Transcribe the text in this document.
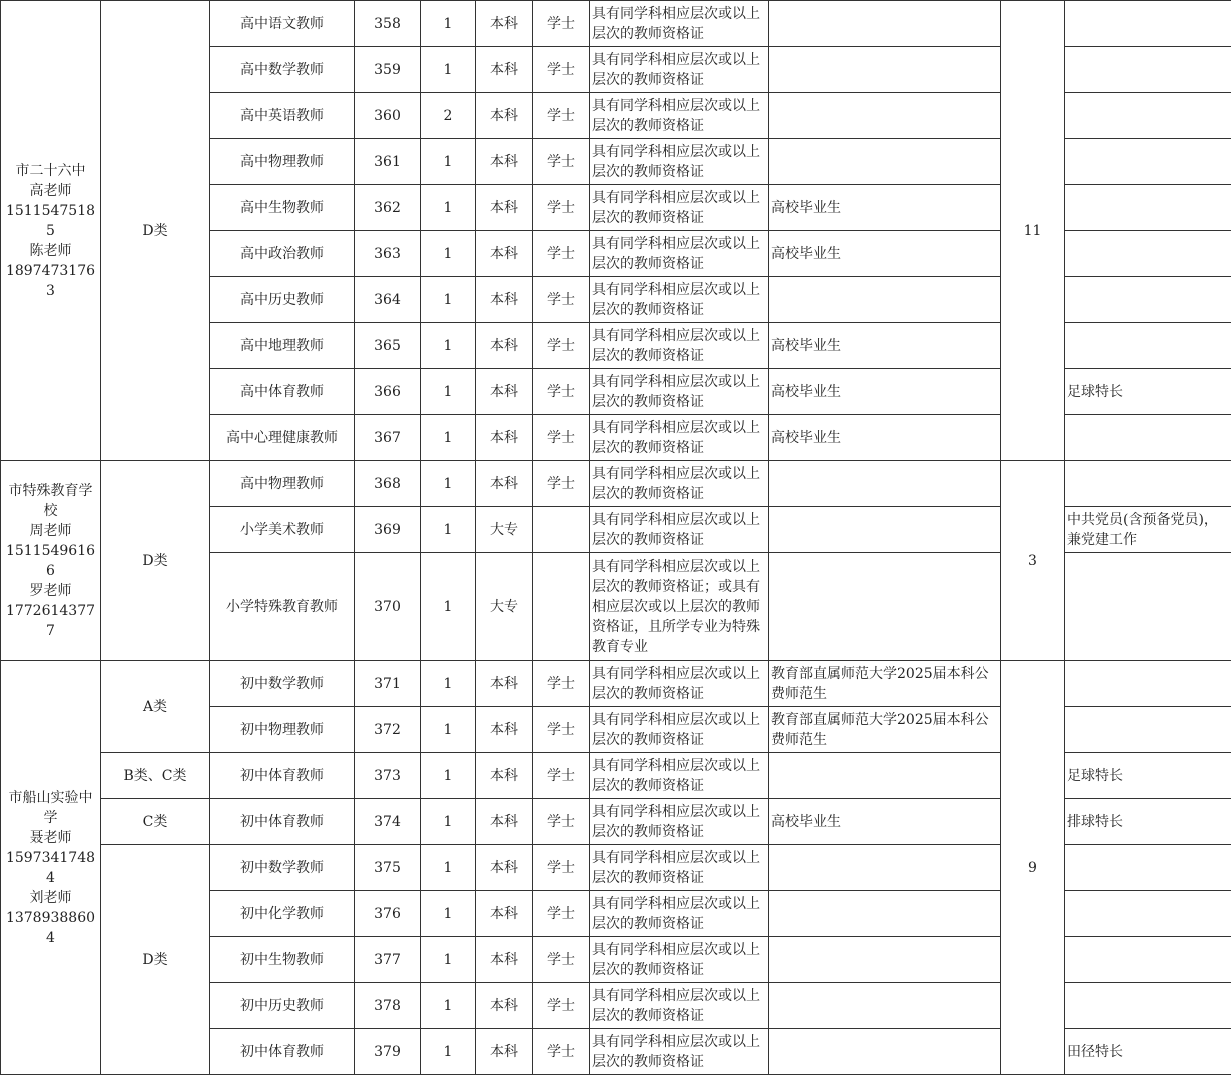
市二十六中
高老师
15115475185
陈老师
18974731763	D类	高中语文教师	358	1	本科	学士	具有同学科相应层次或以上层次的教师资格证		11	
		高中数学教师	359	1	本科	学士	具有同学科相应层次或以上层次的教师资格证			
		高中英语教师	360	2	本科	学士	具有同学科相应层次或以上层次的教师资格证			
		高中物理教师	361	1	本科	学士	具有同学科相应层次或以上层次的教师资格证			
		高中生物教师	362	1	本科	学士	具有同学科相应层次或以上层次的教师资格证	高校毕业生		
		高中政治教师	363	1	本科	学士	具有同学科相应层次或以上层次的教师资格证	高校毕业生		
		高中历史教师	364	1	本科	学士	具有同学科相应层次或以上层次的教师资格证			
		高中地理教师	365	1	本科	学士	具有同学科相应层次或以上层次的教师资格证	高校毕业生		
		高中体育教师	366	1	本科	学士	具有同学科相应层次或以上层次的教师资格证	高校毕业生		足球特长
		高中心理健康教师	367	1	本科	学士	具有同学科相应层次或以上层次的教师资格证	高校毕业生		

市特殊教育学校
周老师
15115496166
罗老师
17726143777	D类	高中物理教师	368	1	本科	学士	具有同学科相应层次或以上层次的教师资格证		3	
		小学美术教师	369	1	大专		具有同学科相应层次或以上层次的教师资格证			中共党员(含预备党员)，兼党建工作
		小学特殊教育教师	370	1	大专		具有同学科相应层次或以上层次的教师资格证；或具有相应层次或以上层次的教师资格证，且所学专业为特殊教育专业			

市船山实验中学
聂老师
15973417484
刘老师
13789388604	A类	初中数学教师	371	1	本科	学士	具有同学科相应层次或以上层次的教师资格证	教育部直属师范大学2025届本科公费师范生	9	
		初中物理教师	372	1	本科	学士	具有同学科相应层次或以上层次的教师资格证	教育部直属师范大学2025届本科公费师范生		
	B类、C类	初中体育教师	373	1	本科	学士	具有同学科相应层次或以上层次的教师资格证			足球特长
	C类	初中体育教师	374	1	本科	学士	具有同学科相应层次或以上层次的教师资格证	高校毕业生		排球特长
	D类	初中数学教师	375	1	本科	学士	具有同学科相应层次或以上层次的教师资格证			
		初中化学教师	376	1	本科	学士	具有同学科相应层次或以上层次的教师资格证			
		初中生物教师	377	1	本科	学士	具有同学科相应层次或以上层次的教师资格证			
		初中历史教师	378	1	本科	学士	具有同学科相应层次或以上层次的教师资格证			
		初中体育教师	379	1	本科	学士	具有同学科相应层次或以上层次的教师资格证			田径特长
